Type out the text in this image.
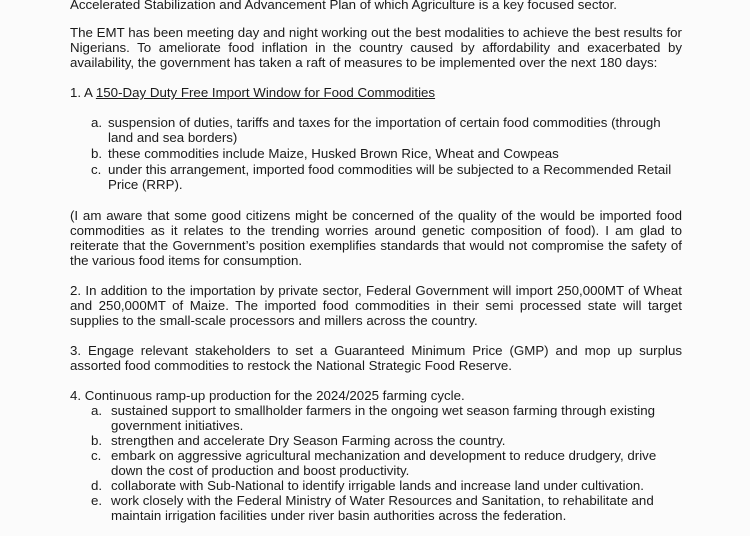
Accelerated Stabilization and Advancement Plan of which Agriculture is a key focused sector.

The EMT has been meeting day and night working out the best modalities to achieve the best results for Nigerians. To ameliorate food inflation in the country caused by affordability and exacerbated by availability, the government has taken a raft of measures to be implemented over the next 180 days:

1. A 150-Day Duty Free Import Window for Food Commodities

a. suspension of duties, tariffs and taxes for the importation of certain food commodities (through land and sea borders)
b. these commodities include Maize, Husked Brown Rice, Wheat and Cowpeas
c. under this arrangement, imported food commodities will be subjected to a Recommended Retail Price (RRP).

(I am aware that some good citizens might be concerned of the quality of the would be imported food commodities as it relates to the trending worries around genetic composition of food). I am glad to reiterate that the Government’s position exemplifies standards that would not compromise the safety of the various food items for consumption.

2. In addition to the importation by private sector, Federal Government will import 250,000MT of Wheat and 250,000MT of Maize. The imported food commodities in their semi processed state will target supplies to the small-scale processors and millers across the country.

3. Engage relevant stakeholders to set a Guaranteed Minimum Price (GMP) and mop up surplus assorted food commodities to restock the National Strategic Food Reserve.

4. Continuous ramp-up production for the 2024/2025 farming cycle.

a. sustained support to smallholder farmers in the ongoing wet season farming through existing government initiatives.
b. strengthen and accelerate Dry Season Farming across the country.
c. embark on aggressive agricultural mechanization and development to reduce drudgery, drive down the cost of production and boost productivity.
d. collaborate with Sub-National to identify irrigable lands and increase land under cultivation.
e. work closely with the Federal Ministry of Water Resources and Sanitation, to rehabilitate and maintain irrigation facilities under river basin authorities across the federation.
